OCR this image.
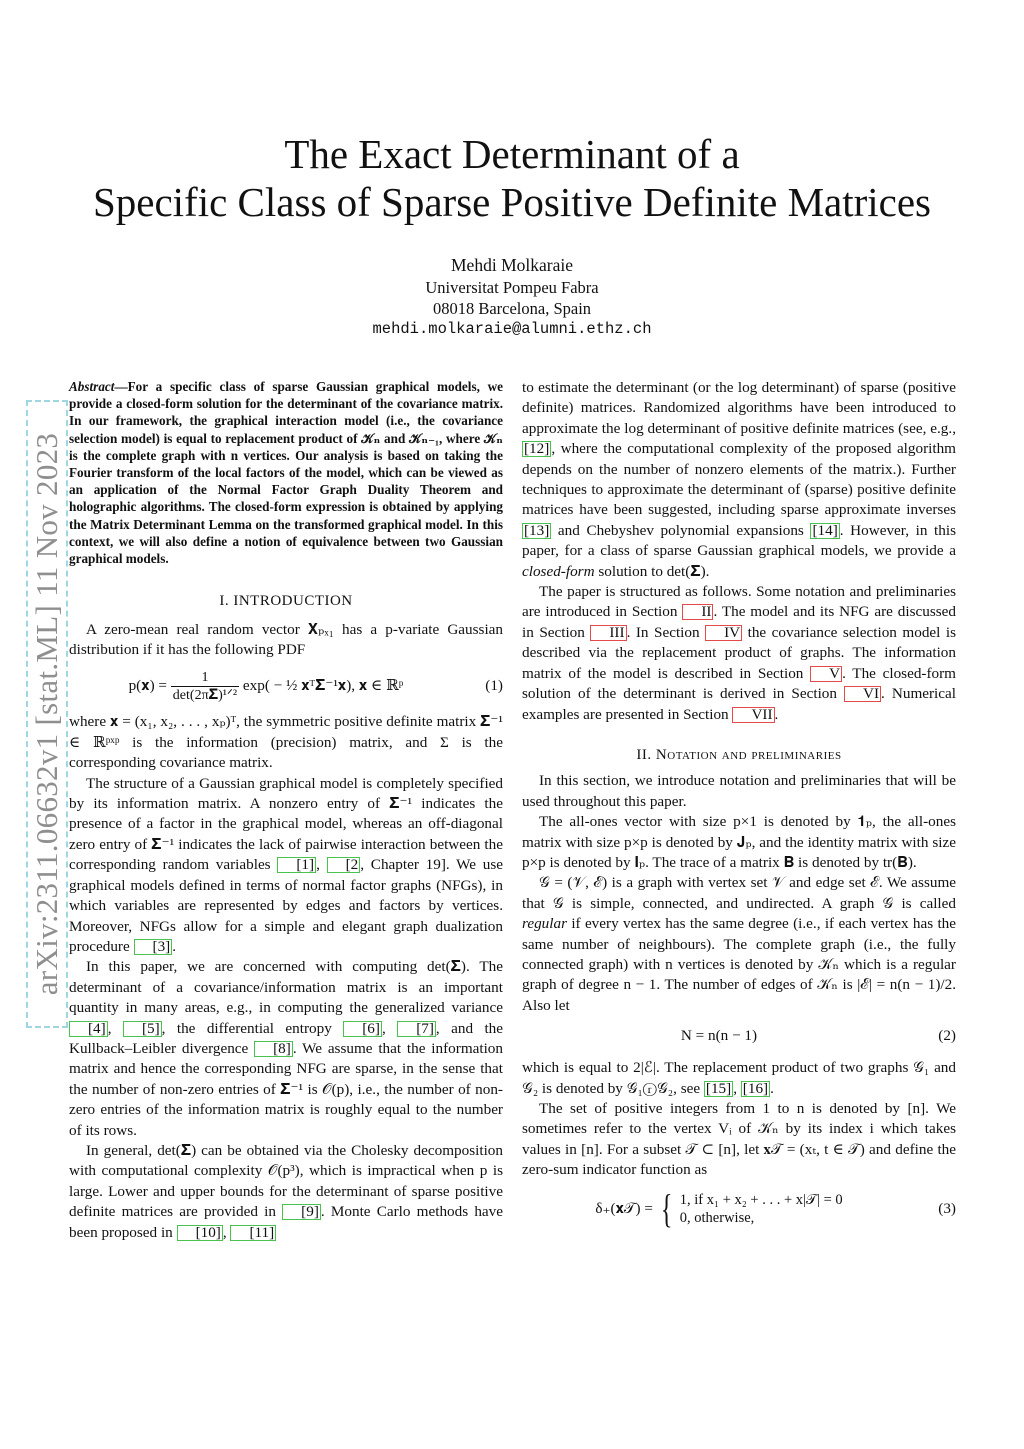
arXiv:2311.06632v1 [stat.ML] 11 Nov 2023
The Exact Determinant of a
Specific Class of Sparse Positive Definite Matrices
Mehdi Molkaraie
Universitat Pompeu Fabra
08018 Barcelona, Spain
mehdi.molkaraie@alumni.ethz.ch

Abstract—For a specific class of sparse Gaussian graphical models, we provide a closed-form solution for the determinant of the covariance matrix. In our framework, the graphical interaction model (i.e., the covariance selection model) is equal to replacement product of 𝒦ₙ and 𝒦ₙ₋₁, where 𝒦ₙ is the complete graph with n vertices. Our analysis is based on taking the Fourier transform of the local factors of the model, which can be viewed as an application of the Normal Factor Graph Duality Theorem and holographic algorithms. The closed-form expression is obtained by applying the Matrix Determinant Lemma on the transformed graphical model. In this context, we will also define a notion of equivalence between two Gaussian graphical models.

I. INTRODUCTION

A zero-mean real random vector 𝐗ₚₓ₁ has a p-variate Gaussian distribution if it has the following PDF

p(𝐱) = $\frac{1}{\text{det(2π𝚺)¹ᐟ²}} \exp$( − ½ 𝐱ᵀ𝚺⁻¹𝐱), 𝐱 ∈ ℝᵖ	(1)

where 𝐱 = (x₁, x₂, . . . , xₚ)ᵀ, the symmetric positive definite matrix 𝚺⁻¹ ∈ ℝᵖˣᵖ is the information (precision) matrix, and Σ is the corresponding covariance matrix.

The structure of a Gaussian graphical model is completely specified by its information matrix. A nonzero entry of 𝚺⁻¹ indicates the presence of a factor in the graphical model, whereas an off-diagonal zero entry of 𝚺⁻¹ indicates the lack of pairwise interaction between the corresponding random variables [1] , [2 , Chapter 19]. We use graphical models defined in terms of normal factor graphs (NFGs), in which variables are represented by edges and factors by vertices. Moreover, NFGs allow for a simple and elegant graph dualization procedure [3] .

In this paper, we are concerned with computing det(𝚺). The determinant of a covariance/information matrix is an important quantity in many areas, e.g., in computing the generalized variance [4] , [5] , the differential entropy [6] , [7] , and the Kullback–Leibler divergence [8] . We assume that the information matrix and hence the corresponding NFG are sparse, in the sense that the number of non-zero entries of 𝚺⁻¹ is 𝒪(p), i.e., the number of non-zero entries of the information matrix is roughly equal to the number of its rows.

In general, det(𝚺) can be obtained via the Cholesky decomposition with computational complexity 𝒪(p³), which is impractical when p is large. Lower and upper bounds for the determinant of sparse positive definite matrices are provided in [9] . Monte Carlo methods have been proposed in [10] , [11]

to estimate the determinant (or the log determinant) of sparse (positive definite) matrices. Randomized algorithms have been introduced to approximate the log determinant of positive definite matrices (see, e.g., [12] , where the computational complexity of the proposed algorithm depends on the number of nonzero elements of the matrix.). Further techniques to approximate the determinant of (sparse) positive definite matrices have been suggested, including sparse approximate inverses [13] and Chebyshev polynomial expansions [14] . However, in this paper, for a class of sparse Gaussian graphical models, we provide a closed-form solution to det(𝚺).

The paper is structured as follows. Some notation and preliminaries are introduced in Section II . The model and its NFG are discussed in Section III . In Section IV the covariance selection model is described via the replacement product of graphs. The information matrix of the model is described in Section V . The closed-form solution of the determinant is derived in Section VI . Numerical examples are presented in Section VII .

II. Notation and preliminaries

In this section, we introduce notation and preliminaries that will be used throughout this paper.

The all-ones vector with size p×1 is denoted by 𝟏ₚ, the all-ones matrix with size p×p is denoted by 𝐉ₚ, and the identity matrix with size p×p is denoted by 𝐈ₚ. The trace of a matrix 𝐁 is denoted by tr(𝐁).

𝒢 = (𝒱, ℰ) is a graph with vertex set 𝒱 and edge set ℰ. We assume that 𝒢 is simple, connected, and undirected. A graph 𝒢 is called regular if every vertex has the same degree (i.e., if each vertex has the same number of neighbours). The complete graph (i.e., the fully connected graph) with n vertices is denoted by 𝒦ₙ which is a regular graph of degree n − 1. The number of edges of 𝒦ₙ is |ℰ| = n(n − 1)/2. Also let

N = n(n − 1)	(2)

which is equal to 2|ℰ|. The replacement product of two graphs 𝒢₁ and 𝒢₂ is denoted by 𝒢₁ⓡ𝒢₂, see [15] , [16] .

The set of positive integers from 1 to n is denoted by [n]. We sometimes refer to the vertex Vᵢ of 𝒦ₙ by its index i which takes values in [n]. For a subset 𝒯 ⊂ [n], let 𝐱𝒯 = (xₜ, t ∈ 𝒯) and define the zero-sum indicator function as

δ₊(𝐱𝒯) = { 1, if x₁ + x₂ + . . . + x|𝒯| = 0
0, otherwise,
(3)
